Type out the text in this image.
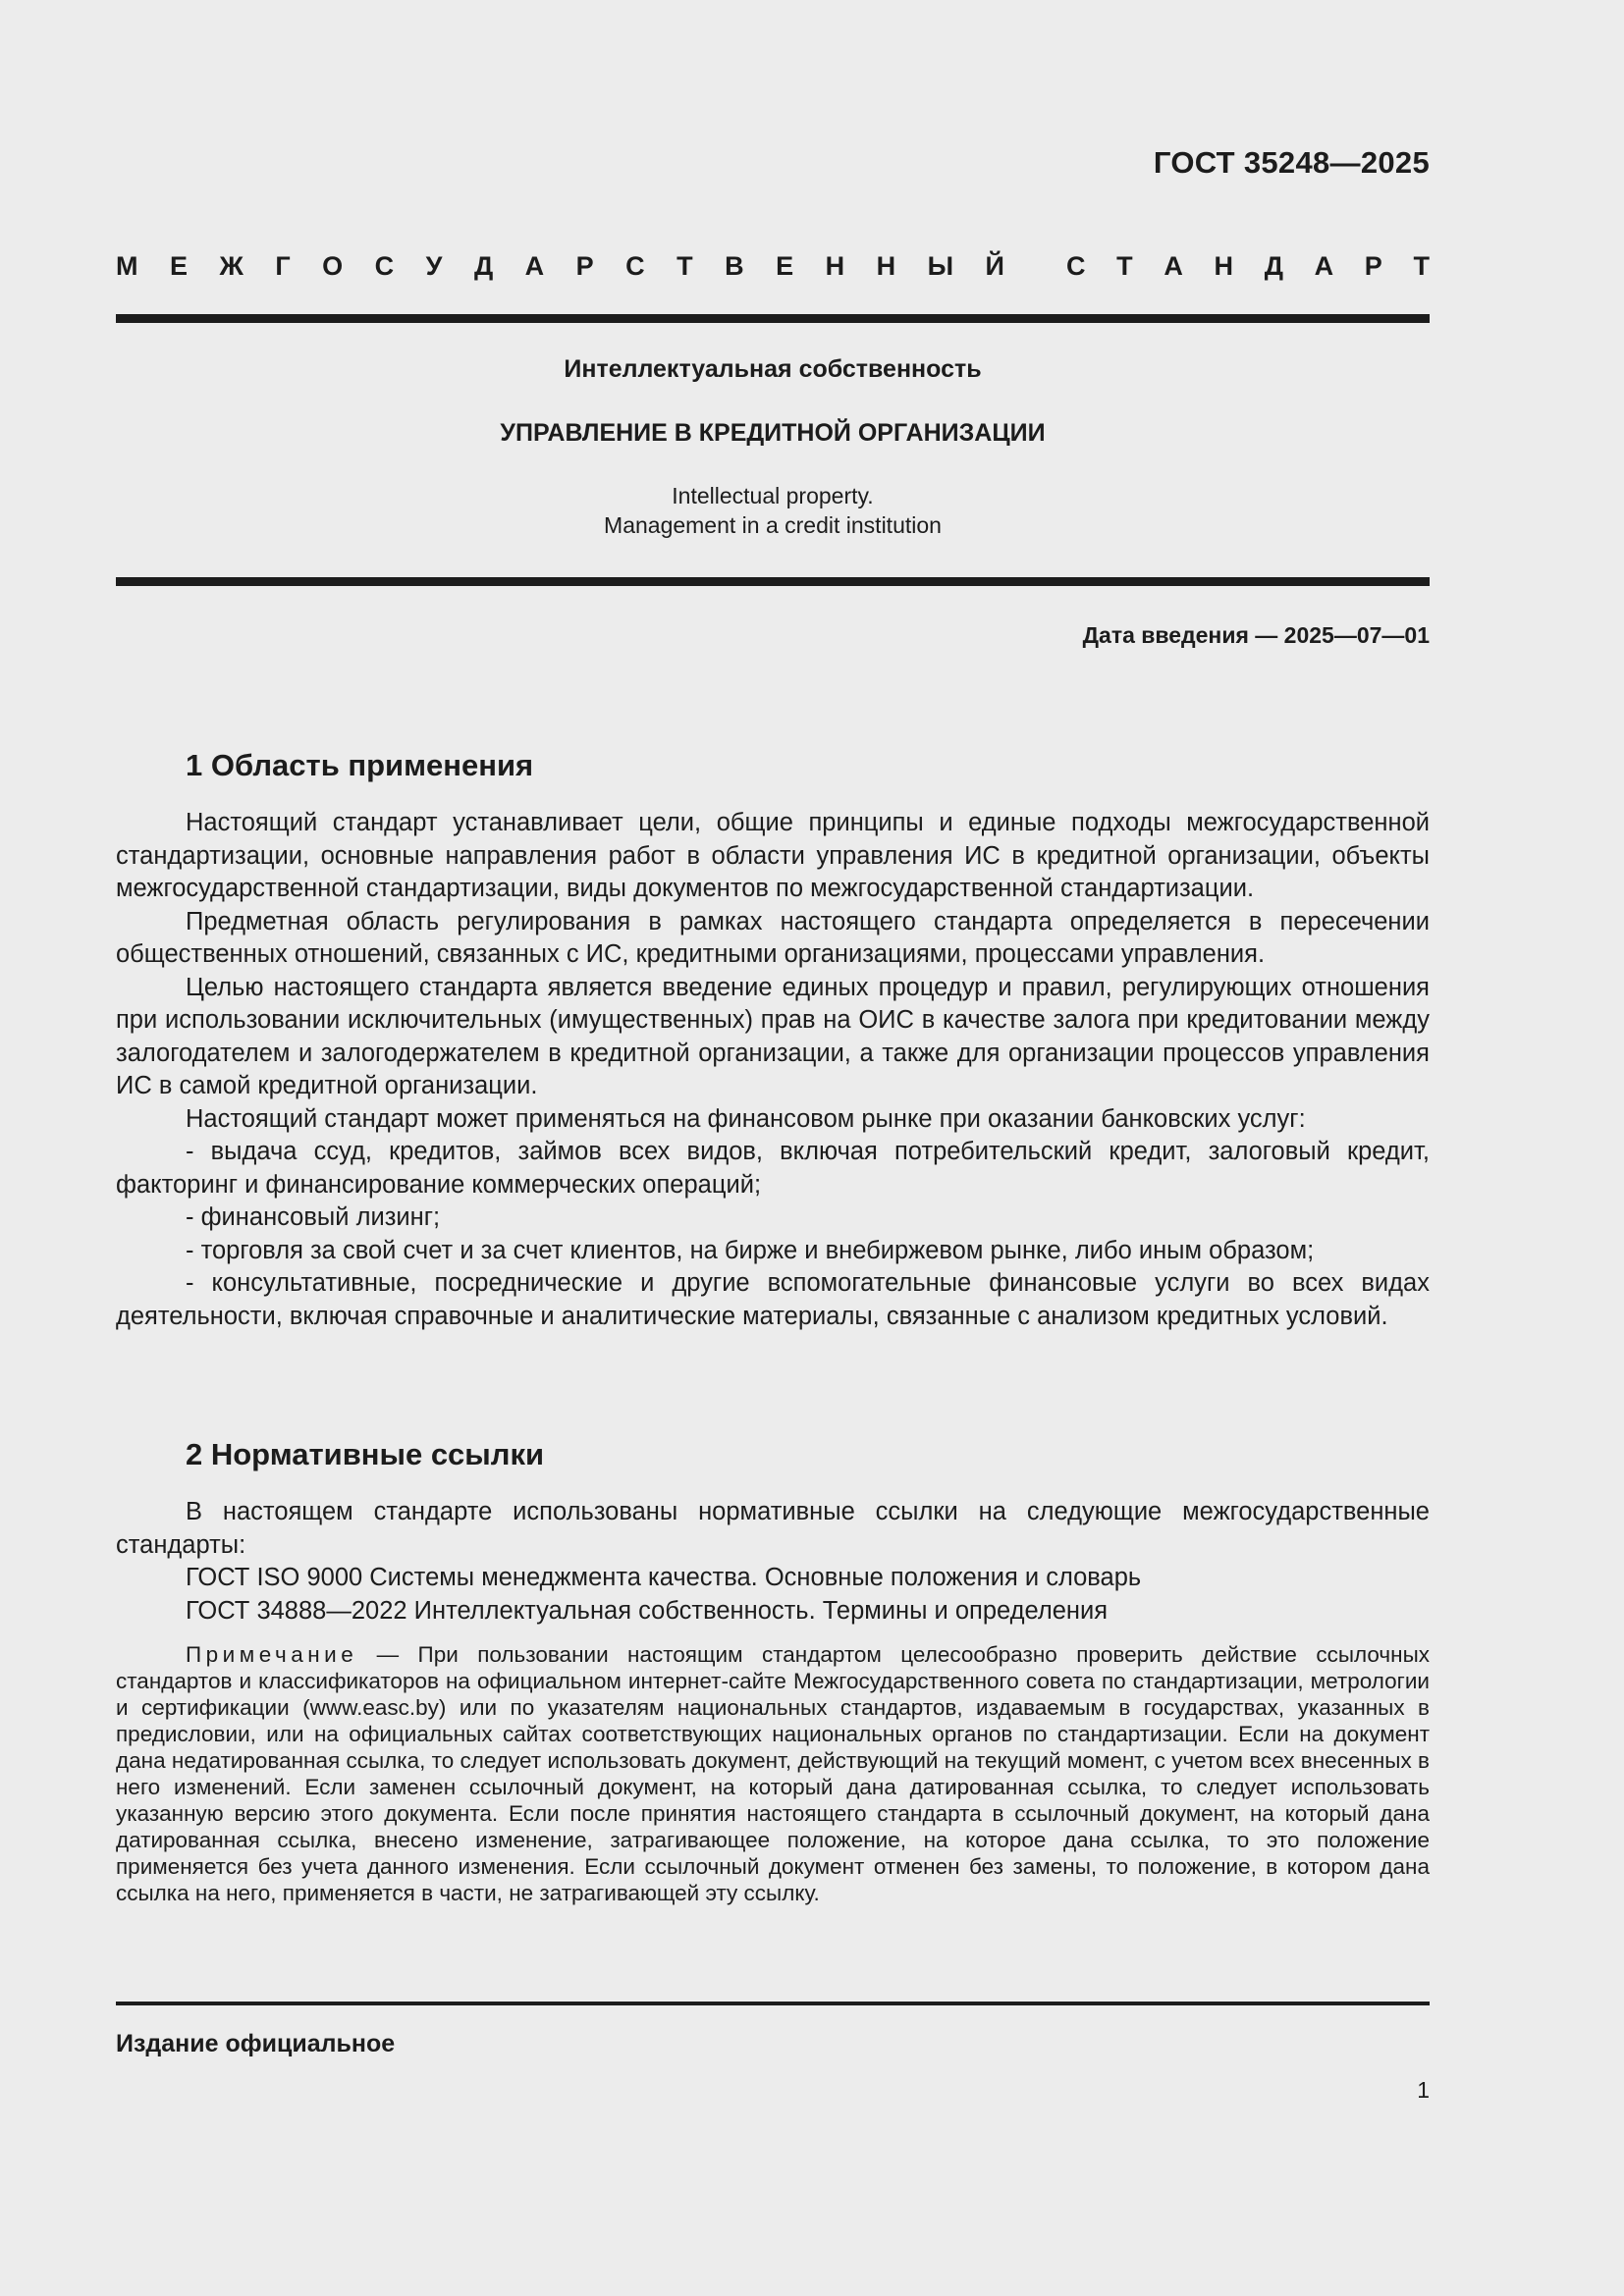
ГОСТ 35248—2025
М Е Ж Г О С У Д А Р С Т В Е Н Н Ы Й С Т А Н Д А Р Т
Интеллектуальная собственность
УПРАВЛЕНИЕ В КРЕДИТНОЙ ОРГАНИЗАЦИИ
Intellectual property.
Management in a credit institution
Дата введения — 2025—07—01
1 Область применения

Настоящий стандарт устанавливает цели, общие принципы и единые подходы межгосударственной стандартизации, основные направления работ в области управления ИС в кредитной организации, объекты межгосударственной стандартизации, виды документов по межгосударственной стандартизации.

Предметная область регулирования в рамках настоящего стандарта определяется в пересечении общественных отношений, связанных с ИС, кредитными организациями, процессами управления.

Целью настоящего стандарта является введение единых процедур и правил, регулирующих отношения при использовании исключительных (имущественных) прав на ОИС в качестве залога при кредитовании между залогодателем и залогодержателем в кредитной организации, а также для организации процессов управления ИС в самой кредитной организации.

Настоящий стандарт может применяться на финансовом рынке при оказании банковских услуг:

- выдача ссуд, кредитов, займов всех видов, включая потребительский кредит, залоговый кредит, факторинг и финансирование коммерческих операций;

- финансовый лизинг;

- торговля за свой счет и за счет клиентов, на бирже и внебиржевом рынке, либо иным образом;

- консультативные, посреднические и другие вспомогательные финансовые услуги во всех видах деятельности, включая справочные и аналитические материалы, связанные с анализом кредитных условий.

2 Нормативные ссылки

В настоящем стандарте использованы нормативные ссылки на следующие межгосударственные стандарты:

ГОСТ ISO 9000 Системы менеджмента качества. Основные положения и словарь

ГОСТ 34888—2022 Интеллектуальная собственность. Термины и определения

Примечание — При пользовании настоящим стандартом целесообразно проверить действие ссылочных стандартов и классификаторов на официальном интернет-сайте Межгосударственного совета по стандартизации, метрологии и сертификации (www.easc.by) или по указателям национальных стандартов, издаваемым в государствах, указанных в предисловии, или на официальных сайтах соответствующих национальных органов по стандартизации. Если на документ дана недатированная ссылка, то следует использовать документ, действующий на текущий момент, с учетом всех внесенных в него изменений. Если заменен ссылочный документ, на который дана датированная ссылка, то следует использовать указанную версию этого документа. Если после принятия настоящего стандарта в ссылочный документ, на который дана датированная ссылка, внесено изменение, затрагивающее положение, на которое дана ссылка, то это положение применяется без учета данного изменения. Если ссылочный документ отменен без замены, то положение, в котором дана ссылка на него, применяется в части, не затрагивающей эту ссылку.

Издание официальное
1
